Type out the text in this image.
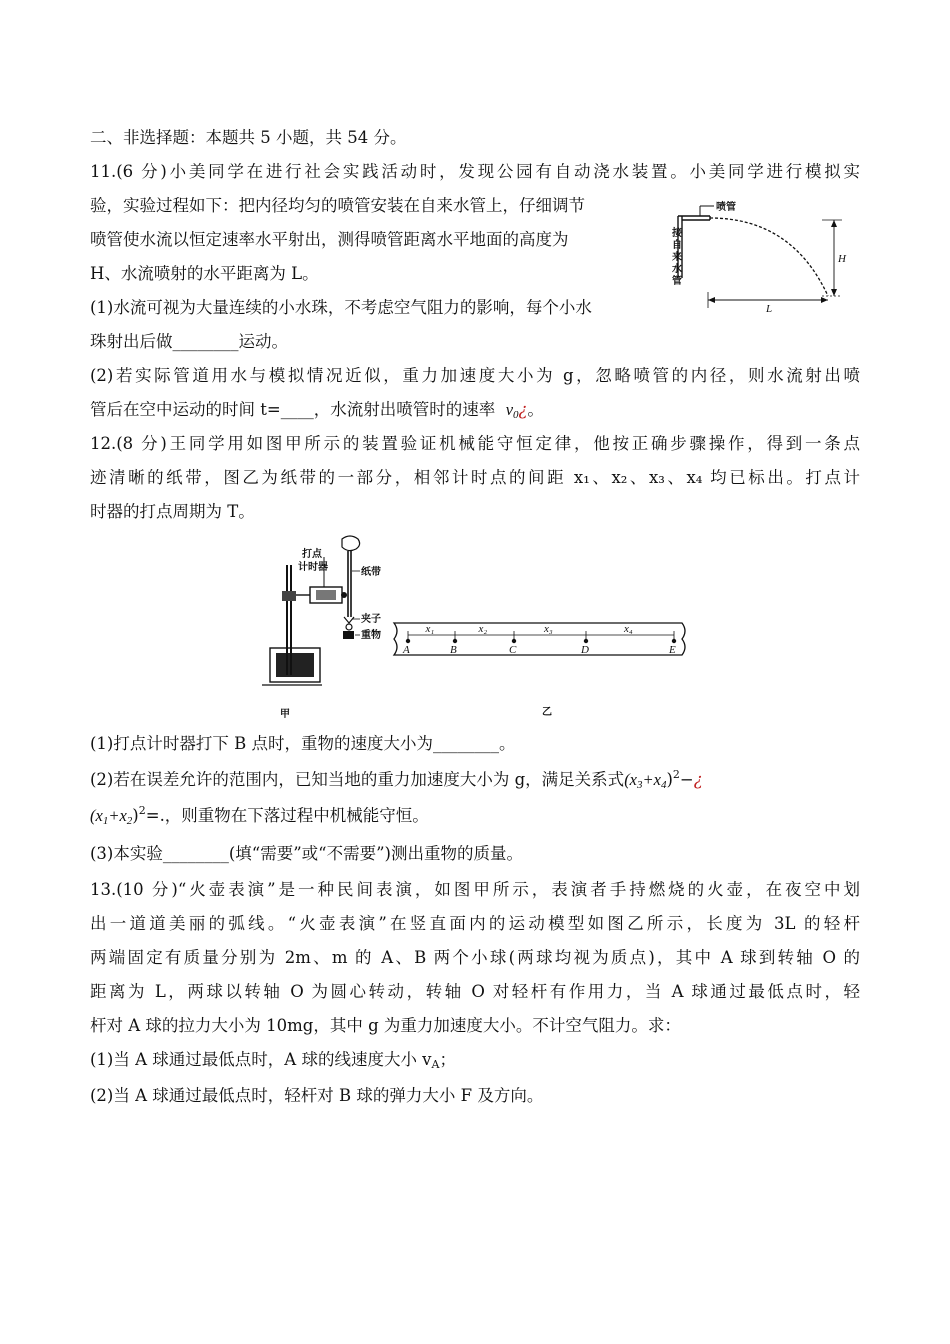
二、非选择题：本题共 5 小题，共 54 分。
11.(6 分)小美同学在进行社会实践活动时，发现公园有自动浇水装置。小美同学进行模拟实
验，实验过程如下：把内径均匀的喷管安装在自来水管上，仔细调节
喷管使水流以恒定速率水平射出，测得喷管距离水平地面的高度为
H、水流喷射的水平距离为 L。
(1)水流可视为大量连续的小水珠，不考虑空气阻力的影响，每个小水
珠射出后做________运动。
(2)若实际管道用水与模拟情况近似，重力加速度大小为 g，忽略喷管的内径，则水流射出喷
管后在空中运动的时间 t=____，水流射出喷管时的速率 $v_0¿$。
喷管
接
自
来
水
管
H
L
12.(8 分)王同学用如图甲所示的装置验证机械能守恒定律，他按正确步骤操作，得到一条点
迹清晰的纸带，图乙为纸带的一部分，相邻计时点的间距 x₁、x₂、x₃、x₄ 均已标出。打点计
时器的打点周期为 T。
打点
计时器	纸带
夹子
重物
甲
A	B	C	D	E
x₁	x₂	x₃	x₄
乙
(1)打点计时器打下 B 点时，重物的速度大小为________。
(2)若在误差允许的范围内，已知当地的重力加速度大小为 g，满足关系式$(x_3+x_4)^2-¿$
$(x_1+x_2)^2=$.，则重物在下落过程中机械能守恒。
(3)本实验________(填“需要”或“不需要”)测出重物的质量。
13.(10 分)“火壶表演”是一种民间表演，如图甲所示，表演者手持燃烧的火壶，在夜空中划
出一道道美丽的弧线。“火壶表演”在竖直面内的运动模型如图乙所示，长度为 3L 的轻杆
两端固定有质量分别为 2m、m 的 A、B 两个小球(两球均视为质点)，其中 A 球到转轴 O 的
距离为 L，两球以转轴 O 为圆心转动，转轴 O 对轻杆有作用力，当 A 球通过最低点时，轻
杆对 A 球的拉力大小为 10mg，其中 g 为重力加速度大小。不计空气阻力。求：
(1)当 A 球通过最低点时，A 球的线速度大小 $v_A$；
(2)当 A 球通过最低点时，轻杆对 B 球的弹力大小 F 及方向。
